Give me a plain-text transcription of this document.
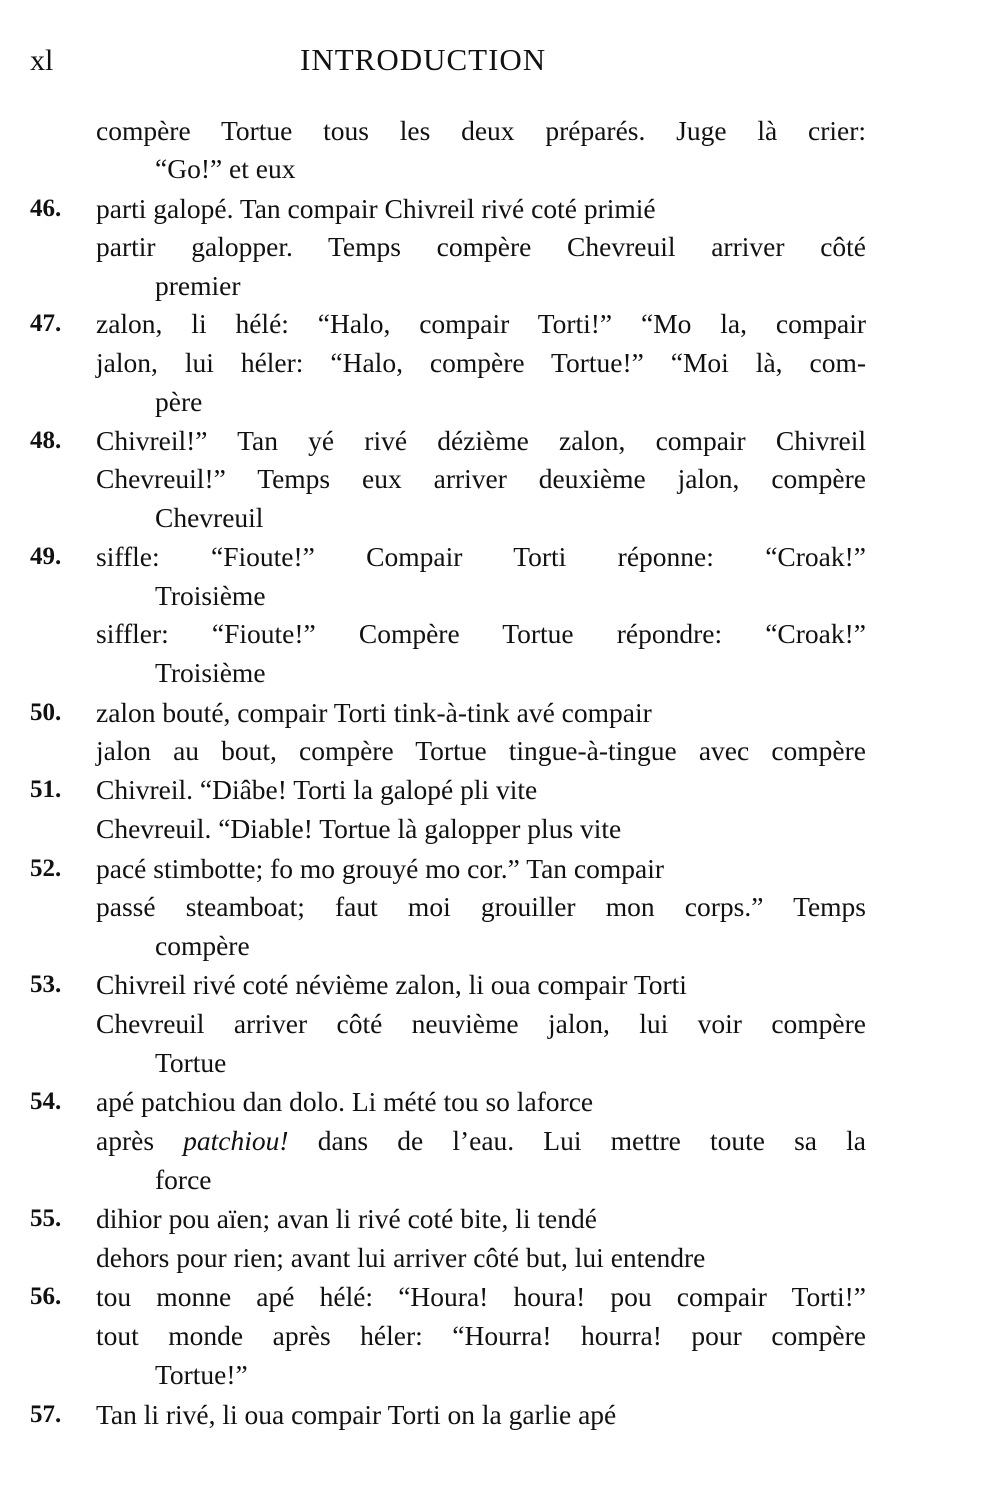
xl	INTRODUCTION
compère Tortue tous les deux préparés. Juge là crier:
“Go!” et eux
46. parti galopé. Tan compair Chivreil rivé coté primié
partir galopper. Temps compère Chevreuil arriver côté
premier
47. zalon, li hélé: “Halo, compair Torti!” “Mo la, compair
jalon, lui héler: “Halo, compère Tortue!” “Moi là, com-
père
48. Chivreil!” Tan yé rivé dézième zalon, compair Chivreil
Chevreuil!” Temps eux arriver deuxième jalon, compère
Chevreuil
49. siffle: “Fioute!” Compair Torti réponne: “Croak!”
Troisième
siffler: “Fioute!” Compère Tortue répondre: “Croak!”
Troisième
50. zalon bouté, compair Torti tink-à-tink avé compair
jalon au bout, compère Tortue tingue-à-tingue avec compère
51. Chivreil. “Diâbe! Torti la galopé pli vite
Chevreuil. “Diable! Tortue là galopper plus vite
52. pacé stimbotte; fo mo grouyé mo cor.” Tan compair
passé steamboat; faut moi grouiller mon corps.” Temps
compère
53. Chivreil rivé coté névième zalon, li oua compair Torti
Chevreuil arriver côté neuvième jalon, lui voir compère
Tortue
54. apé patchiou dan dolo. Li mété tou so laforce
après patchiou! dans de l’eau. Lui mettre toute sa la
force
55. dihior pou aïen; avan li rivé coté bite, li tendé
dehors pour rien; avant lui arriver côté but, lui entendre
56. tou monne apé hélé: “Houra! houra! pou compair Torti!”
tout monde après héler: “Hourra! hourra! pour compère
Tortue!”
57. Tan li rivé, li oua compair Torti on la garlie apé
